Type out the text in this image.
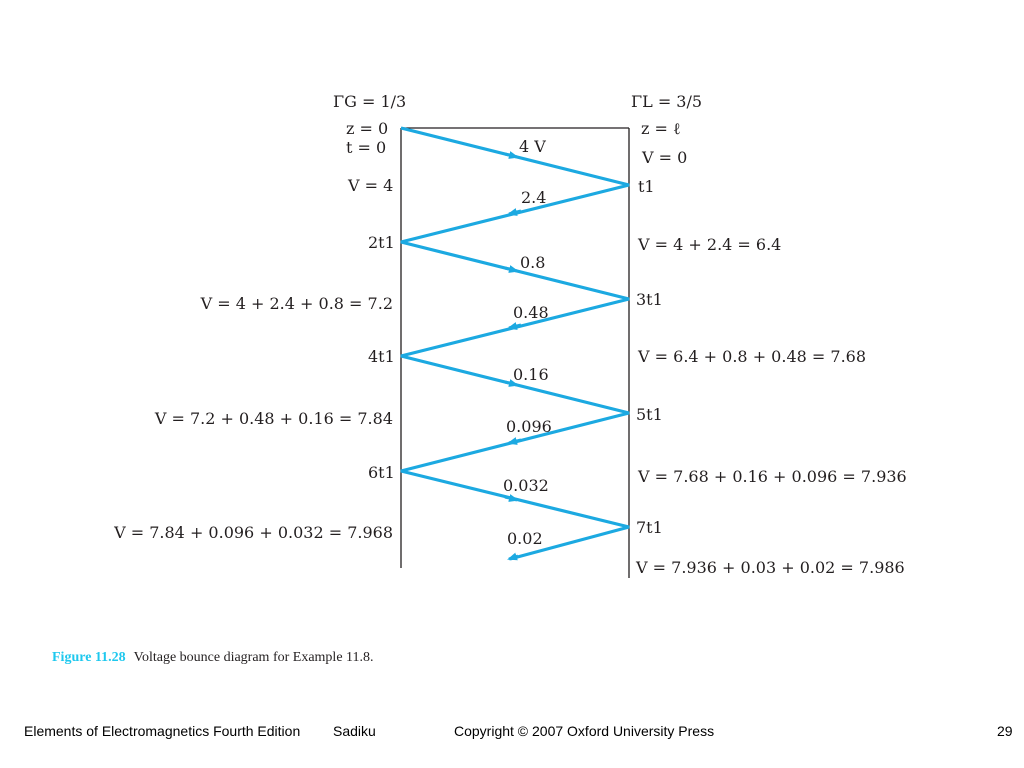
ΓG = 1/3
z = 0
t = 0
V = 4
ΓL = 3/5
z = ℓ
V = 0
t1
2t1
3t1
4t1
5t1
6t1
7t1
4 V
2.4
0.8
0.48
0.16
0.096
0.032
0.02
V = 4 + 2.4 + 0.8 = 7.2
V = 7.2 + 0.48 + 0.16 = 7.84
V = 7.84 + 0.096 + 0.032 = 7.968
V = 4 + 2.4 = 6.4
V = 6.4 + 0.8 + 0.48 = 7.68
V = 7.68 + 0.16 + 0.096 = 7.936
V = 7.936 + 0.03 + 0.02 = 7.986
Figure 11.28 Voltage bounce diagram for Example 11.8.
Elements of Electromagnetics Fourth Edition Sadiku	Copyright © 2007 Oxford University Press	29
